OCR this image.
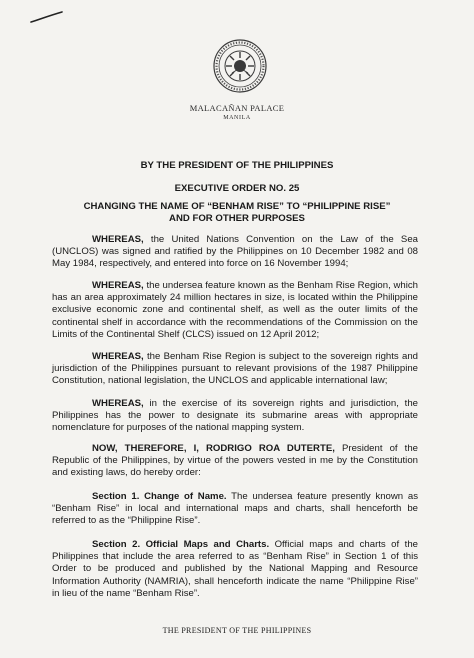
MALACAÑAN PALACE
MANILA
BY THE PRESIDENT OF THE PHILIPPINES
EXECUTIVE ORDER NO. 25
CHANGING THE NAME OF “BENHAM RISE” TO “PHILIPPINE RISE”
AND FOR OTHER PURPOSES

WHEREAS, the United Nations Convention on the Law of the Sea (UNCLOS) was signed and ratified by the Philippines on 10 December 1982 and 08 May 1984, respectively, and entered into force on 16 November 1994;

WHEREAS, the undersea feature known as the Benham Rise Region, which has an area approximately 24 million hectares in size, is located within the Philippine exclusive economic zone and continental shelf, as well as the outer limits of the continental shelf in accordance with the recommendations of the Commission on the Limits of the Continental Shelf (CLCS) issued on 12 April 2012;

WHEREAS, the Benham Rise Region is subject to the sovereign rights and jurisdiction of the Philippines pursuant to relevant provisions of the 1987 Philippine Constitution, national legislation, the UNCLOS and applicable international law;

WHEREAS, in the exercise of its sovereign rights and jurisdiction, the Philippines has the power to designate its submarine areas with appropriate nomenclature for purposes of the national mapping system.

NOW, THEREFORE, I, RODRIGO ROA DUTERTE, President of the Republic of the Philippines, by virtue of the powers vested in me by the Constitution and existing laws, do hereby order:

Section 1. Change of Name. The undersea feature presently known as “Benham Rise” in local and international maps and charts, shall henceforth be referred to as the “Philippine Rise”.

Section 2. Official Maps and Charts. Official maps and charts of the Philippines that include the area referred to as “Benham Rise” in Section 1 of this Order to be produced and published by the National Mapping and Resource Information Authority (NAMRIA), shall henceforth indicate the name “Philippine Rise” in lieu of the name “Benham Rise”.

THE PRESIDENT OF THE PHILIPPINES
